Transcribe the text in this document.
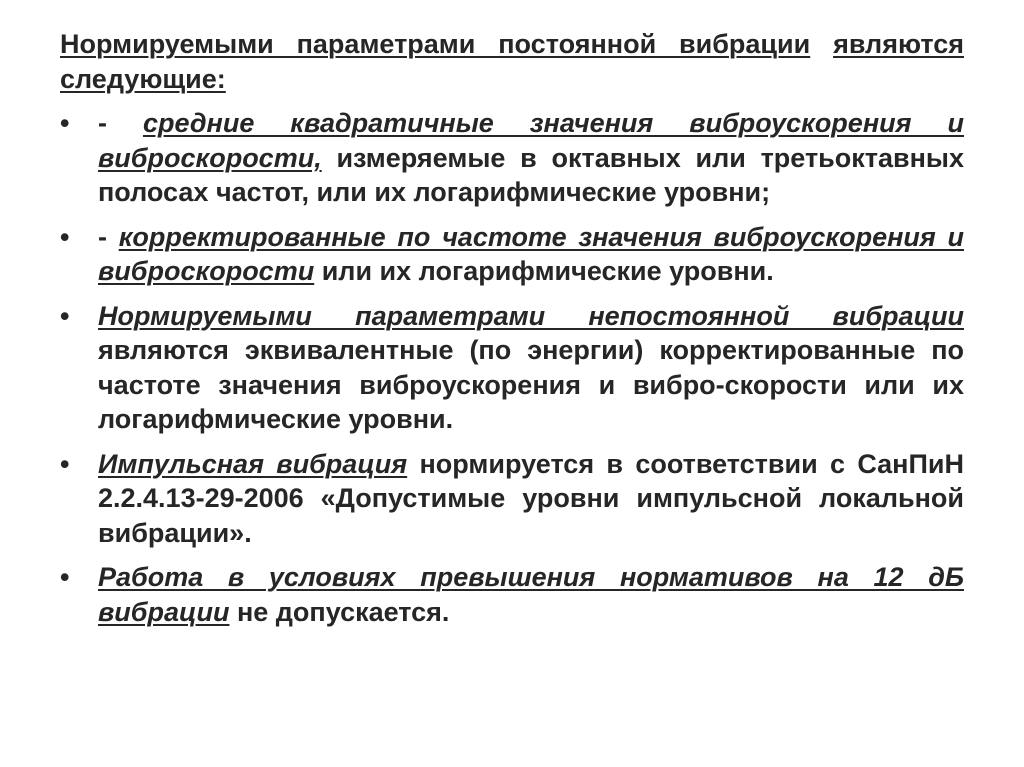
Нормируемыми параметрами постоянной вибрации являются следующие:

•	- средние квадратичные значения виброускорения и виброскорости, измеряемые в октавных или третьоктавных полосах частот, или их логарифмические уровни;

•	- корректированные по частоте значения виброускорения и виброскорости или их логарифмические уровни.

•	Нормируемыми параметрами непостоянной вибрации являются эквивалентные (по энергии) корректированные по частоте значения виброускорения и вибро-скорости или их логарифмические уровни.

•	Импульсная вибрация нормируется в соответствии с СанПиН 2.2.4.13-29-2006 «Допустимые уровни импульсной локальной вибрации».

•	Работа в условиях превышения нормативов на 12 дБ вибрации не допускается.
